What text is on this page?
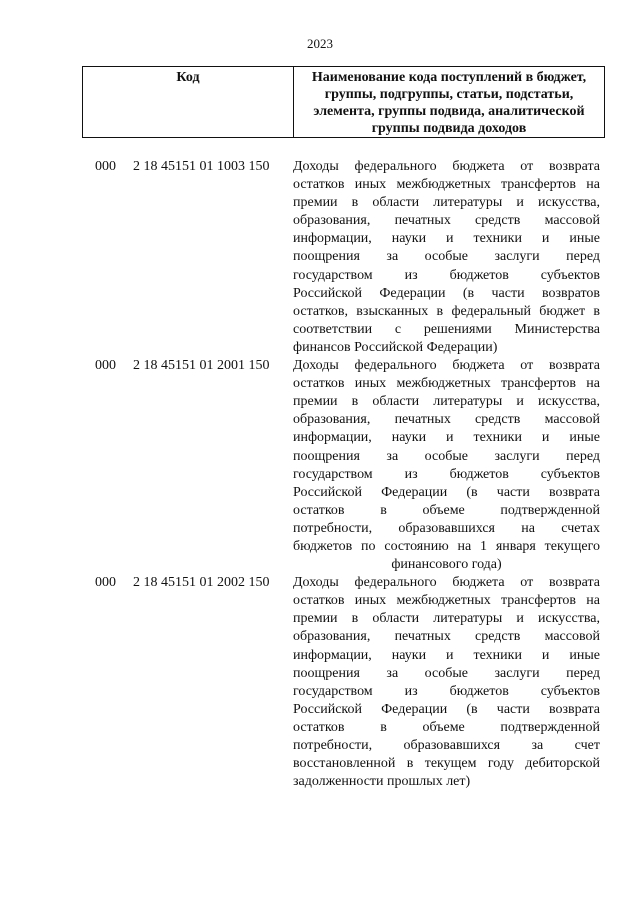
2023
Код	Наименование кода поступлений в бюджет,
группы, подгруппы, статьи, подстатьи,
элемента, группы подвида, аналитической
группы подвида доходов
000	2 18 45151 01 1003 150	Доходы федерального бюджета от возврата
остатков иных межбюджетных трансфертов на
премии в области литературы и искусства,
образования, печатных средств массовой
информации, науки и техники и иные
поощрения за особые заслуги перед
государством из бюджетов субъектов
Российской Федерации (в части возвратов
остатков, взысканных в федеральный бюджет в
соответствии с решениями Министерства
финансов Российской Федерации)
000	2 18 45151 01 2001 150	Доходы федерального бюджета от возврата
остатков иных межбюджетных трансфертов на
премии в области литературы и искусства,
образования, печатных средств массовой
информации, науки и техники и иные
поощрения за особые заслуги перед
государством из бюджетов субъектов
Российской Федерации (в части возврата
остатков в объеме подтвержденной
потребности, образовавшихся на счетах
бюджетов по состоянию на 1 января текущего
финансового года)
000	2 18 45151 01 2002 150	Доходы федерального бюджета от возврата
остатков иных межбюджетных трансфертов на
премии в области литературы и искусства,
образования, печатных средств массовой
информации, науки и техники и иные
поощрения за особые заслуги перед
государством из бюджетов субъектов
Российской Федерации (в части возврата
остатков в объеме подтвержденной
потребности, образовавшихся за счет
восстановленной в текущем году дебиторской
задолженности прошлых лет)
